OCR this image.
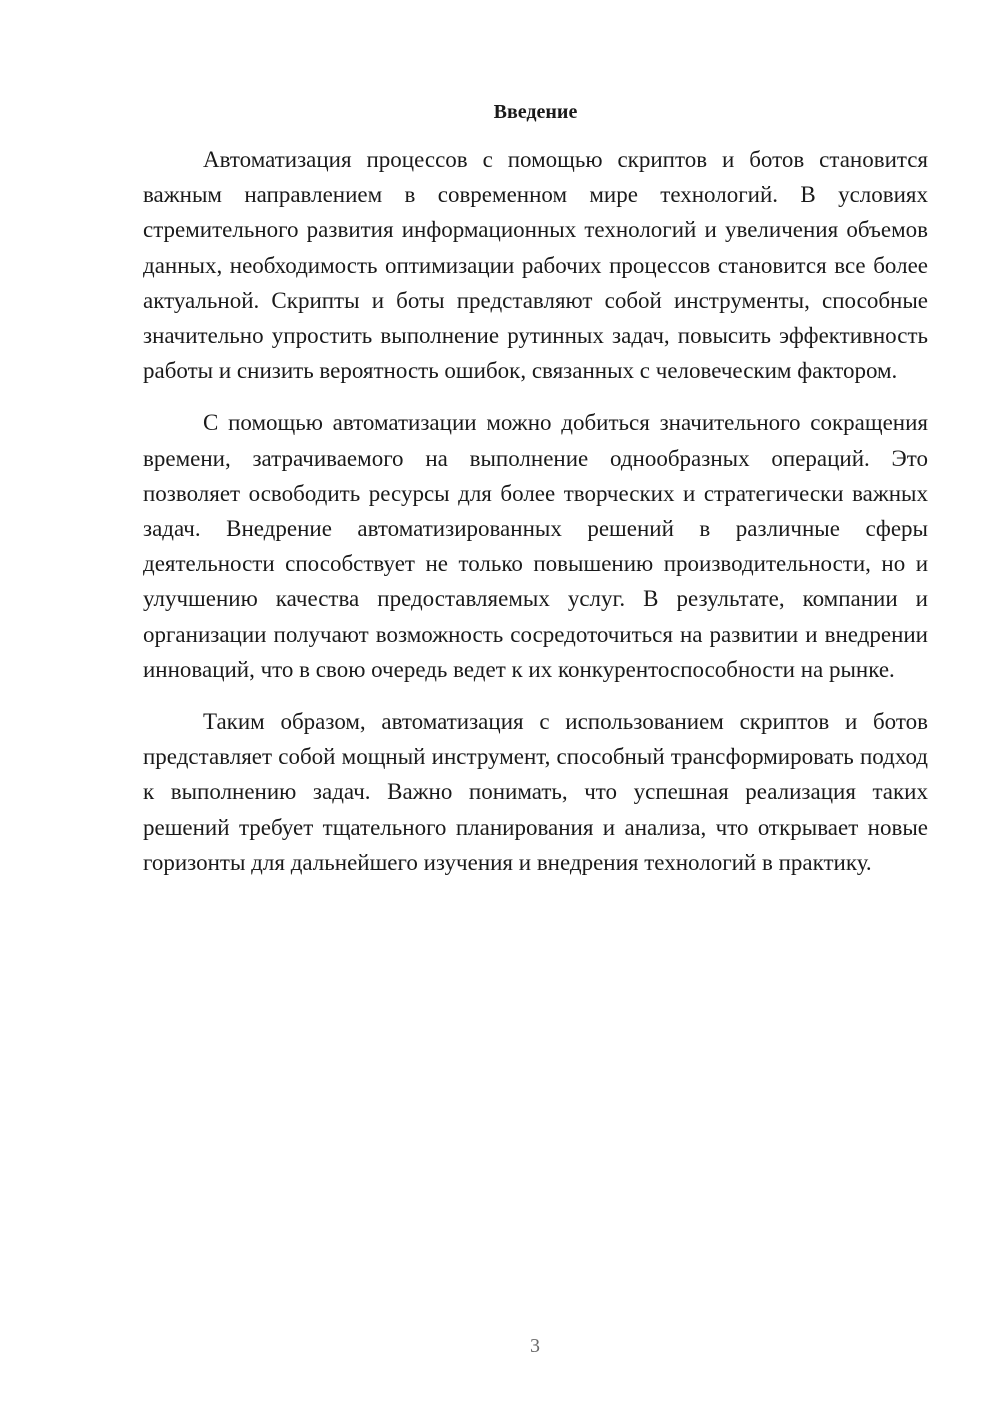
Введение

Автоматизация процессов с помощью скриптов и ботов становится важным направлением в современном мире технологий. В условиях стремительного развития информационных технологий и увеличения объемов данных, необходимость оптимизации рабочих процессов становится все более актуальной. Скрипты и боты представляют собой инструменты, способные значительно упростить выполнение рутинных задач, повысить эффективность работы и снизить вероятность ошибок, связанных с человеческим фактором.

С помощью автоматизации можно добиться значительного сокращения времени, затрачиваемого на выполнение однообразных операций. Это позволяет освободить ресурсы для более творческих и стратегически важных задач. Внедрение автоматизированных решений в различные сферы деятельности способствует не только повышению производительности, но и улучшению качества предоставляемых услуг. В результате, компании и организации получают возможность сосредоточиться на развитии и внедрении инноваций, что в свою очередь ведет к их конкурентоспособности на рынке.

Таким образом, автоматизация с использованием скриптов и ботов представляет собой мощный инструмент, способный трансформировать подход к выполнению задач. Важно понимать, что успешная реализация таких решений требует тщательного планирования и анализа, что открывает новые горизонты для дальнейшего изучения и внедрения технологий в практику.

3
